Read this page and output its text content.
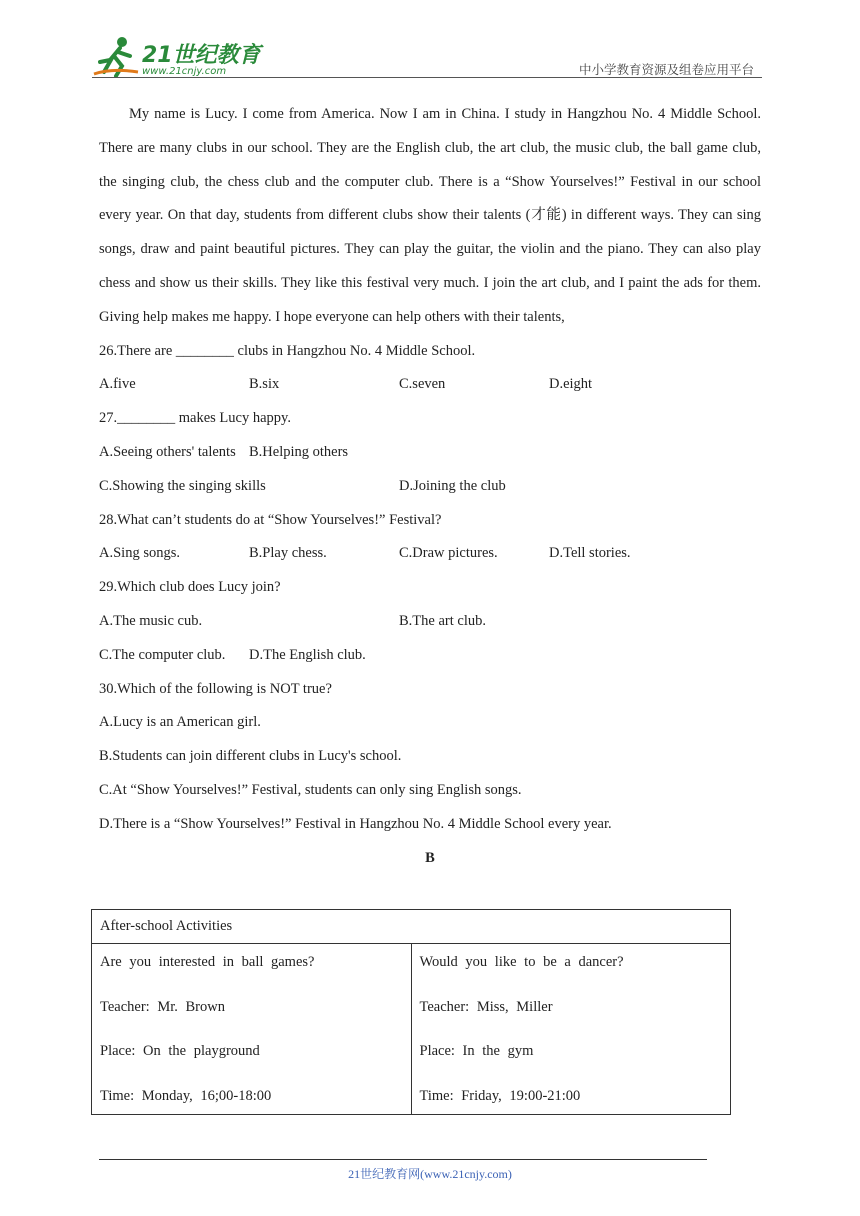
21世纪教育
www.21cnjy.com	中小学教育资源及组卷应用平台

My name is Lucy. I come from America. Now I am in China. I study in Hangzhou No. 4 Middle School. There are many clubs in our school. They are the English club, the art club, the music club, the ball game club, the singing club, the chess club and the computer club. There is a “Show Yourselves!” Festival in our school every year. On that day, students from different clubs show their talents (才能) in different ways. They can sing songs, draw and paint beautiful pictures. They can play the guitar, the violin and the piano. They can also play chess and show us their skills. They like this festival very much. I join the art club, and I paint the ads for them. Giving help makes me happy. I hope everyone can help others with their talents,

26.There are ________ clubs in Hangzhou No. 4 Middle School.
A.five	B.six	C.seven	D.eight
27.________ makes Lucy happy.
A.Seeing others' talents B.Helping others
C.Showing the singing skills	D.Joining the club
28.What can’t students do at “Show Yourselves!” Festival?
A.Sing songs.	B.Play chess.	C.Draw pictures.	D.Tell stories.
29.Which club does Lucy join?
A.The music cub.	B.The art club.
C.The computer club. D.The English club.
30.Which of the following is NOT true?
A.Lucy is an American girl.
B.Students can join different clubs in Lucy's school.
C.At “Show Yourselves!” Festival, students can only sing English songs.
D.There is a “Show Yourselves!” Festival in Hangzhou No. 4 Middle School every year.
B
After-school Activities

Are you interested in ball games?
Teacher: Mr. Brown
Place: On the playground
Time: Monday, 16;00-18:00

Would you like to be a dancer?
Teacher: Miss, Miller
Place: In the gym
Time: Friday, 19:00-21:00
21世纪教育网(www.21cnjy.com)
